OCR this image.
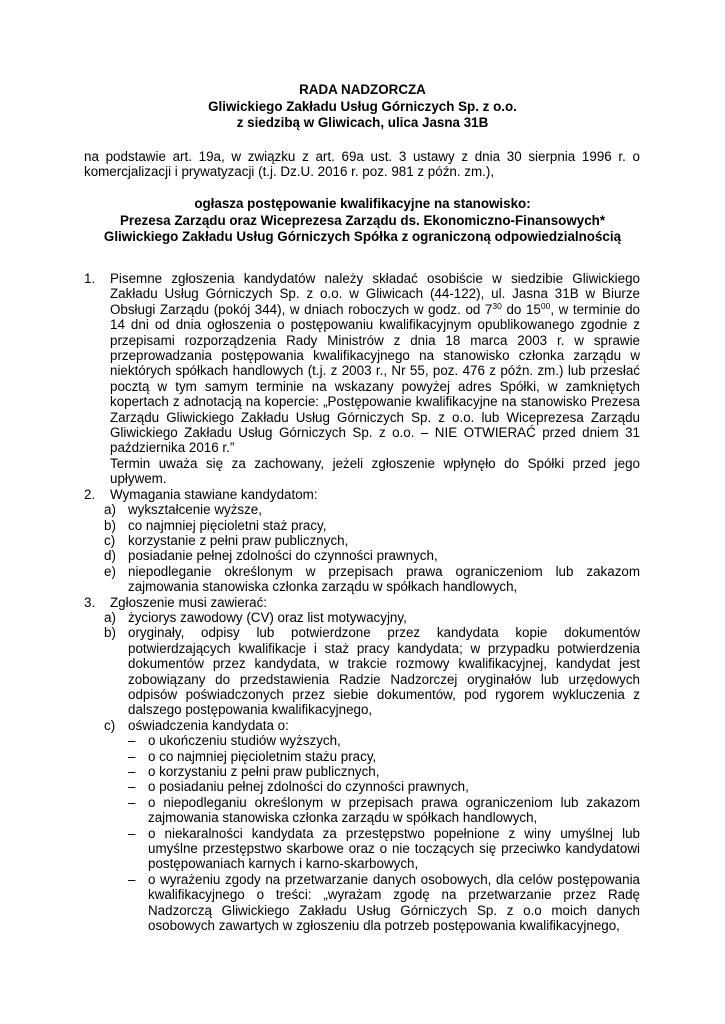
RADA NADZORCZA
Gliwickiego Zakładu Usług Górniczych Sp. z o.o.
z siedzibą w Gliwicach, ulica Jasna 31B
na podstawie art. 19a, w związku z art. 69a ust. 3 ustawy z dnia 30 sierpnia 1996 r. o komercjalizacji i prywatyzacji (t.j. Dz.U. 2016 r. poz. 981 z późn. zm.),
ogłasza postępowanie kwalifikacyjne na stanowisko:
Prezesa Zarządu oraz Wiceprezesa Zarządu ds. Ekonomiczno-Finansowych*
Gliwickiego Zakładu Usług Górniczych Spółka z ograniczoną odpowiedzialnością
1. Pisemne zgłoszenia kandydatów należy składać osobiście w siedzibie Gliwickiego Zakładu Usług Górniczych Sp. z o.o. w Gliwicach (44-122), ul. Jasna 31B w Biurze Obsługi Zarządu (pokój 344), w dniach roboczych w godz. od $7^{30}$ do $15^{00}$, w terminie do 14 dni od dnia ogłoszenia o postępowaniu kwalifikacyjnym opublikowanego zgodnie z przepisami rozporządzenia Rady Ministrów z dnia 18 marca 2003 r. w sprawie przeprowadzania postępowania kwalifikacyjnego na stanowisko członka zarządu w niektórych spółkach handlowych (t.j. z 2003 r., Nr 55, poz. 476 z późn. zm.) lub przesłać pocztą w tym samym terminie na wskazany powyżej adres Spółki, w zamkniętych kopertach z adnotacją na kopercie: „Postępowanie kwalifikacyjne na stanowisko Prezesa Zarządu Gliwickiego Zakładu Usług Górniczych Sp. z o.o. lub Wiceprezesa Zarządu Gliwickiego Zakładu Usług Górniczych Sp. z o.o. – NIE OTWIERAĆ przed dniem 31 października 2016 r.”
Termin uważa się za zachowany, jeżeli zgłoszenie wpłynęło do Spółki przed jego upływem.
2. Wymagania stawiane kandydatom:
a) wykształcenie wyższe,
b) co najmniej pięcioletni staż pracy,
c) korzystanie z pełni praw publicznych,
d) posiadanie pełnej zdolności do czynności prawnych,
e) niepodleganie określonym w przepisach prawa ograniczeniom lub zakazom zajmowania stanowiska członka zarządu w spółkach handlowych,
3. Zgłoszenie musi zawierać:
a) życiorys zawodowy (CV) oraz list motywacyjny,
b) oryginały, odpisy lub potwierdzone przez kandydata kopie dokumentów potwierdzających kwalifikacje i staż pracy kandydata; w przypadku potwierdzenia dokumentów przez kandydata, w trakcie rozmowy kwalifikacyjnej, kandydat jest zobowiązany do przedstawienia Radzie Nadzorczej oryginałów lub urzędowych odpisów poświadczonych przez siebie dokumentów, pod rygorem wykluczenia z dalszego postępowania kwalifikacyjnego,
c) oświadczenia kandydata o:
– o ukończeniu studiów wyższych,
– o co najmniej pięcioletnim stażu pracy,
– o korzystaniu z pełni praw publicznych,
– o posiadaniu pełnej zdolności do czynności prawnych,
– o niepodleganiu określonym w przepisach prawa ograniczeniom lub zakazom zajmowania stanowiska członka zarządu w spółkach handlowych,
– o niekaralności kandydata za przestępstwo popełnione z winy umyślnej lub umyślne przestępstwo skarbowe oraz o nie toczących się przeciwko kandydatowi postępowaniach karnych i karno-skarbowych,
– o wyrażeniu zgody na przetwarzanie danych osobowych, dla celów postępowania kwalifikacyjnego o treści: „wyrażam zgodę na przetwarzanie przez Radę Nadzorczą Gliwickiego Zakładu Usług Górniczych Sp. z o.o moich danych osobowych zawartych w zgłoszeniu dla potrzeb postępowania kwalifikacyjnego,
